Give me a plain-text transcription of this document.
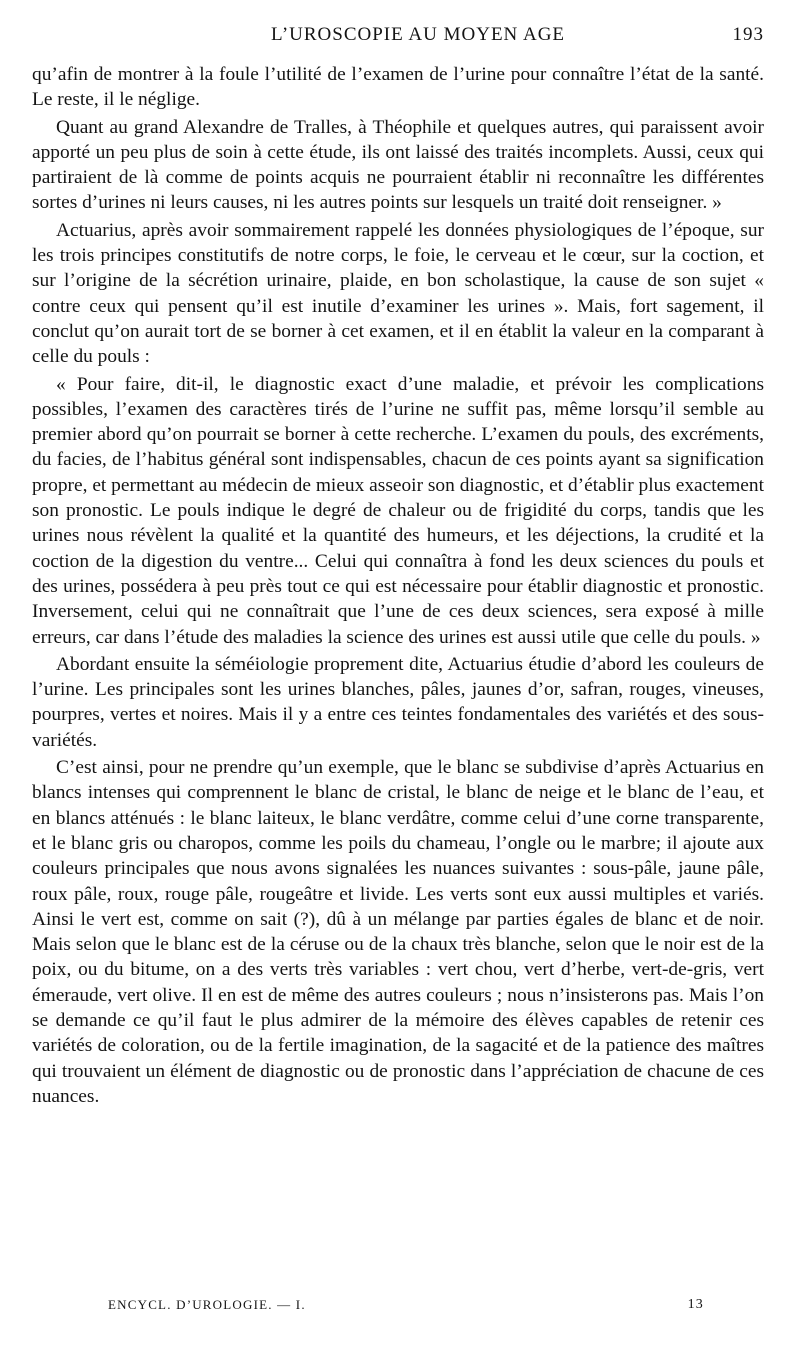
L’UROSCOPIE AU MOYEN AGE	193

qu’afin de montrer à la foule l’utilité de l’examen de l’urine pour connaître l’état de la santé. Le reste, il le néglige.

Quant au grand Alexandre de Tralles, à Théophile et quelques autres, qui paraissent avoir apporté un peu plus de soin à cette étude, ils ont laissé des traités incomplets. Aussi, ceux qui partiraient de là comme de points acquis ne pourraient établir ni reconnaître les différentes sortes d’urines ni leurs causes, ni les autres points sur lesquels un traité doit renseigner. »

Actuarius, après avoir sommairement rappelé les données physiologiques de l’époque, sur les trois principes constitutifs de notre corps, le foie, le cerveau et le cœur, sur la coction, et sur l’origine de la sécrétion urinaire, plaide, en bon scholastique, la cause de son sujet « contre ceux qui pensent qu’il est inutile d’examiner les urines ». Mais, fort sagement, il conclut qu’on aurait tort de se borner à cet examen, et il en établit la valeur en la comparant à celle du pouls :

« Pour faire, dit-il, le diagnostic exact d’une maladie, et prévoir les complications possibles, l’examen des caractères tirés de l’urine ne suffit pas, même lorsqu’il semble au premier abord qu’on pourrait se borner à cette recherche. L’examen du pouls, des excréments, du facies, de l’habitus général sont indispensables, chacun de ces points ayant sa signification propre, et permettant au médecin de mieux asseoir son diagnostic, et d’établir plus exactement son pronostic. Le pouls indique le degré de chaleur ou de frigidité du corps, tandis que les urines nous révèlent la qualité et la quantité des humeurs, et les déjections, la crudité et la coction de la digestion du ventre... Celui qui connaîtra à fond les deux sciences du pouls et des urines, possédera à peu près tout ce qui est nécessaire pour établir diagnostic et pronostic. Inversement, celui qui ne connaîtrait que l’une de ces deux sciences, sera exposé à mille erreurs, car dans l’étude des maladies la science des urines est aussi utile que celle du pouls. »

Abordant ensuite la séméiologie proprement dite, Actuarius étudie d’abord les couleurs de l’urine. Les principales sont les urines blanches, pâles, jaunes d’or, safran, rouges, vineuses, pourpres, vertes et noires. Mais il y a entre ces teintes fondamentales des variétés et des sous-variétés.

C’est ainsi, pour ne prendre qu’un exemple, que le blanc se subdivise d’après Actuarius en blancs intenses qui comprennent le blanc de cristal, le blanc de neige et le blanc de l’eau, et en blancs atténués : le blanc laiteux, le blanc verdâtre, comme celui d’une corne transparente, et le blanc gris ou charopos, comme les poils du chameau, l’ongle ou le marbre; il ajoute aux couleurs principales que nous avons signalées les nuances suivantes : sous-pâle, jaune pâle, roux pâle, roux, rouge pâle, rougeâtre et livide. Les verts sont eux aussi multiples et variés. Ainsi le vert est, comme on sait (?), dû à un mélange par parties égales de blanc et de noir. Mais selon que le blanc est de la céruse ou de la chaux très blanche, selon que le noir est de la poix, ou du bitume, on a des verts très variables : vert chou, vert d’herbe, vert-de-gris, vert émeraude, vert olive. Il en est de même des autres couleurs ; nous n’insisterons pas. Mais l’on se demande ce qu’il faut le plus admirer de la mémoire des élèves capables de retenir ces variétés de coloration, ou de la fertile imagination, de la sagacité et de la patience des maîtres qui trouvaient un élément de diagnostic ou de pronostic dans l’appréciation de chacune de ces nuances.

ENCYCL. D’UROLOGIE. — I.	13
